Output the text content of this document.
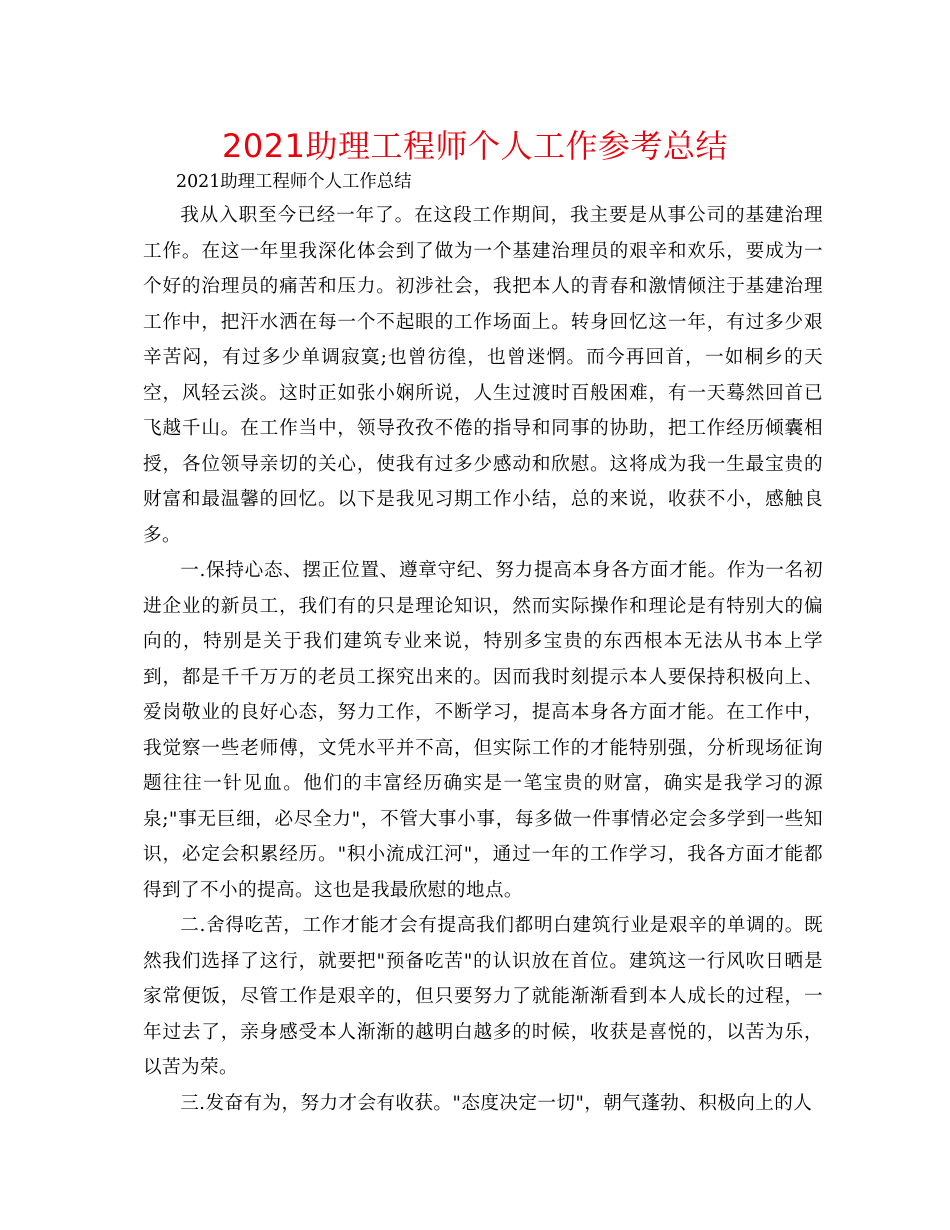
2021助理工程师个人工作参考总结
2021助理工程师个人工作总结

我从入职至今已经一年了。在这段工作期间，我主要是从事公司的基建治理工作。在这一年里我深化体会到了做为一个基建治理员的艰辛和欢乐，要成为一个好的治理员的痛苦和压力。初涉社会，我把本人的青春和激情倾注于基建治理工作中，把汗水洒在每一个不起眼的工作场面上。转身回忆这一年，有过多少艰辛苦闷，有过多少单调寂寞;也曾彷徨，也曾迷惘。而今再回首，一如桐乡的天空，风轻云淡。这时正如张小娴所说，人生过渡时百般困难，有一天蓦然回首已飞越千山。在工作当中，领导孜孜不倦的指导和同事的协助，把工作经历倾囊相授，各位领导亲切的关心，使我有过多少感动和欣慰。这将成为我一生最宝贵的财富和最温馨的回忆。以下是我见习期工作小结，总的来说，收获不小，感触良多。

一.保持心态、摆正位置、遵章守纪、努力提高本身各方面才能。作为一名初进企业的新员工，我们有的只是理论知识，然而实际操作和理论是有特别大的偏向的，特别是关于我们建筑专业来说，特别多宝贵的东西根本无法从书本上学到，都是千千万万的老员工探究出来的。因而我时刻提示本人要保持积极向上、爱岗敬业的良好心态，努力工作，不断学习，提高本身各方面才能。在工作中，我觉察一些老师傅，文凭水平并不高，但实际工作的才能特别强，分析现场征询题往往一针见血。他们的丰富经历确实是一笔宝贵的财富，确实是我学习的源泉;"事无巨细，必尽全力"，不管大事小事，每多做一件事情必定会多学到一些知识，必定会积累经历。"积小流成江河"，通过一年的工作学习，我各方面才能都得到了不小的提高。这也是我最欣慰的地点。

二.舍得吃苦，工作才能才会有提高我们都明白建筑行业是艰辛的单调的。既然我们选择了这行，就要把"预备吃苦"的认识放在首位。建筑这一行风吹日晒是家常便饭，尽管工作是艰辛的，但只要努力了就能渐渐看到本人成长的过程，一年过去了，亲身感受本人渐渐的越明白越多的时候，收获是喜悦的，以苦为乐，以苦为荣。

三.发奋有为，努力才会有收获。"态度决定一切"，朝气蓬勃、积极向上的人
